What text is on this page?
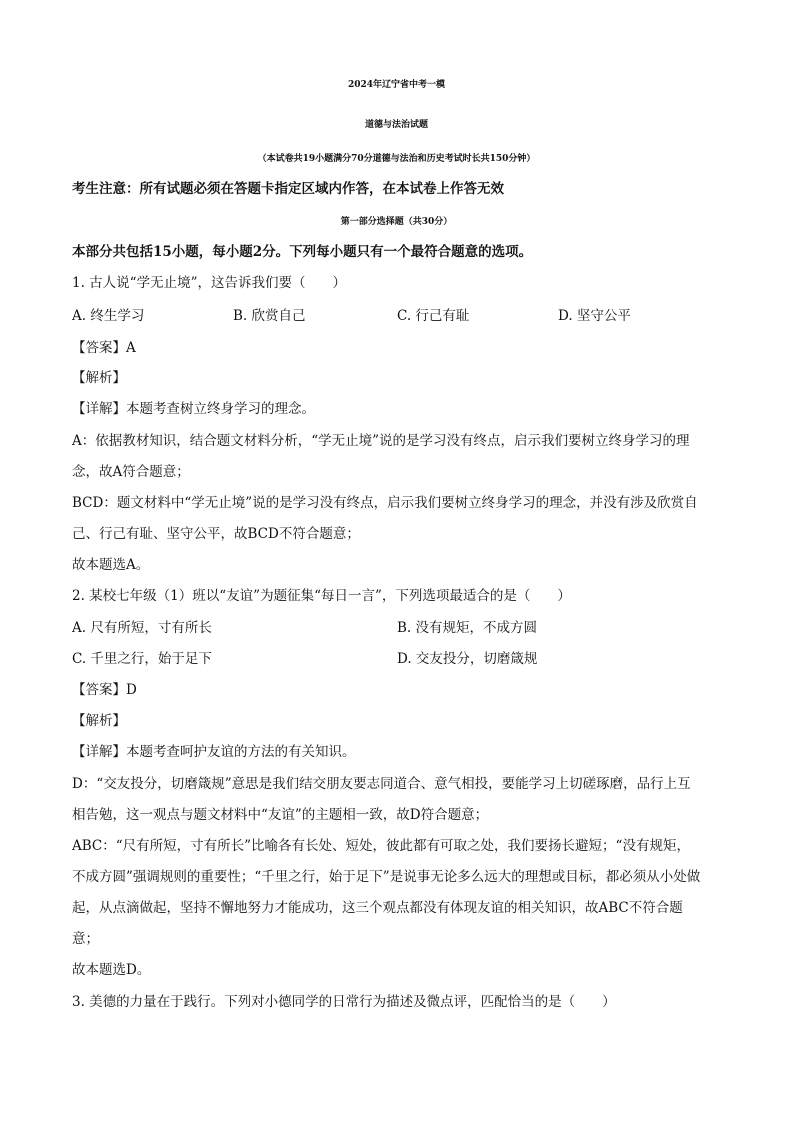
2024年辽宁省中考一模
道德与法治试题
（本试卷共19小题满分70分道德与法治和历史考试时长共150分钟）
考生注意：所有试题必须在答题卡指定区域内作答，在本试卷上作答无效
第一部分选择题（共30分）
本部分共包括15小题，每小题2分。下列每小题只有一个最符合题意的选项。
1. 古人说“学无止境”，这告诉我们要（　　）
A. 终生学习	B. 欣赏自己	C. 行己有耻	D. 坚守公平
【答案】A
【解析】
【详解】本题考查树立终身学习的理念。
A：依据教材知识，结合题文材料分析，“学无止境”说的是学习没有终点，启示我们要树立终身学习的理
念，故A符合题意；
BCD：题文材料中“学无止境”说的是学习没有终点，启示我们要树立终身学习的理念，并没有涉及欣赏自
己、行己有耻、坚守公平，故BCD不符合题意；
故本题选A。
2. 某校七年级（1）班以“友谊”为题征集“每日一言”，下列选项最适合的是（　　）
A. 尺有所短，寸有所长	B. 没有规矩，不成方圆
C. 千里之行，始于足下	D. 交友投分，切磨箴规
【答案】D
【解析】
【详解】本题考查呵护友谊的方法的有关知识。
D：“交友投分，切磨箴规”意思是我们结交朋友要志同道合、意气相投，要能学习上切磋琢磨，品行上互
相告勉，这一观点与题文材料中“友谊”的主题相一致，故D符合题意；
ABC：“尺有所短，寸有所长”比喻各有长处、短处，彼此都有可取之处，我们要扬长避短；“没有规矩，
不成方圆”强调规则的重要性；“千里之行，始于足下”是说事无论多么远大的理想或目标，都必须从小处做
起，从点滴做起，坚持不懈地努力才能成功，这三个观点都没有体现友谊的相关知识，故ABC不符合题
意；
故本题选D。
3. 美德的力量在于践行。下列对小德同学的日常行为描述及微点评，匹配恰当的是（　　）
